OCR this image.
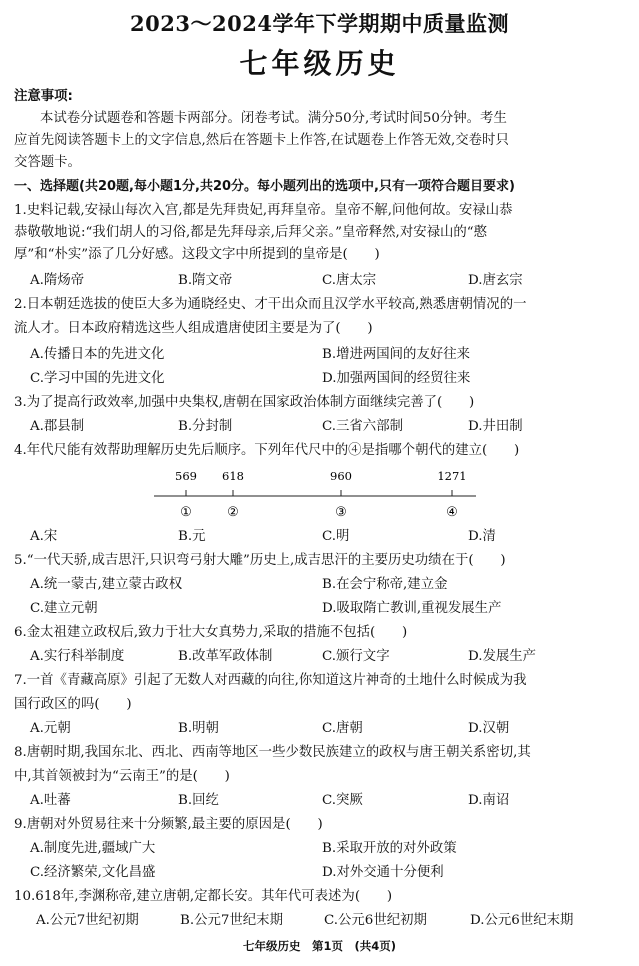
2023～2024学年下学期期中质量监测
七年级历史
注意事项:
本试卷分试题卷和答题卡两部分。闭卷考试。满分50分,考试时间50分钟。考生
应首先阅读答题卡上的文字信息,然后在答题卡上作答,在试题卷上作答无效,交卷时只
交答题卡。
一、选择题(共20题,每小题1分,共20分。每小题列出的选项中,只有一项符合题目要求)
1.史料记载,安禄山每次入宫,都是先拜贵妃,再拜皇帝。皇帝不解,问他何故。安禄山恭
恭敬敬地说:“我们胡人的习俗,都是先拜母亲,后拜父亲。”皇帝释然,对安禄山的“憨
厚”和“朴实”添了几分好感。这段文字中所提到的皇帝是(　　)
A.隋炀帝	B.隋文帝	C.唐太宗	D.唐玄宗
2.日本朝廷选拔的使臣大多为通晓经史、才干出众而且汉学水平较高,熟悉唐朝情况的一
流人才。日本政府精选这些人组成遣唐使团主要是为了(　　)
A.传播日本的先进文化	B.增进两国间的友好往来
C.学习中国的先进文化	D.加强两国间的经贸往来
3.为了提高行政效率,加强中央集权,唐朝在国家政治体制方面继续完善了(　　)
A.郡县制	B.分封制	C.三省六部制	D.井田制
4.年代尺能有效帮助理解历史先后顺序。下列年代尺中的④是指哪个朝代的建立(　　)
569 618	960	1271
①	②	③	④
A.宋	B.元	C.明	D.清
5.“一代天骄,成吉思汗,只识弯弓射大雕”历史上,成吉思汗的主要历史功绩在于(　　)
A.统一蒙古,建立蒙古政权	B.在会宁称帝,建立金
C.建立元朝	D.吸取隋亡教训,重视发展生产
6.金太祖建立政权后,致力于壮大女真势力,采取的措施不包括(　　)
A.实行科举制度	B.改革军政体制	C.颁行文字	D.发展生产
7.一首《青藏高原》引起了无数人对西藏的向往,你知道这片神奇的土地什么时候成为我
国行政区的吗(　　)
A.元朝	B.明朝	C.唐朝	D.汉朝
8.唐朝时期,我国东北、西北、西南等地区一些少数民族建立的政权与唐王朝关系密切,其
中,其首领被封为“云南王”的是(　　)
A.吐蕃	B.回纥	C.突厥	D.南诏
9.唐朝对外贸易往来十分频繁,最主要的原因是(　　)
A.制度先进,疆域广大	B.采取开放的对外政策
C.经济繁荣,文化昌盛	D.对外交通十分便利
10.618年,李渊称帝,建立唐朝,定都长安。其年代可表述为(　　)
A.公元7世纪初期	B.公元7世纪末期	C.公元6世纪初期	D.公元6世纪末期
七年级历史　第1页　(共4页)
